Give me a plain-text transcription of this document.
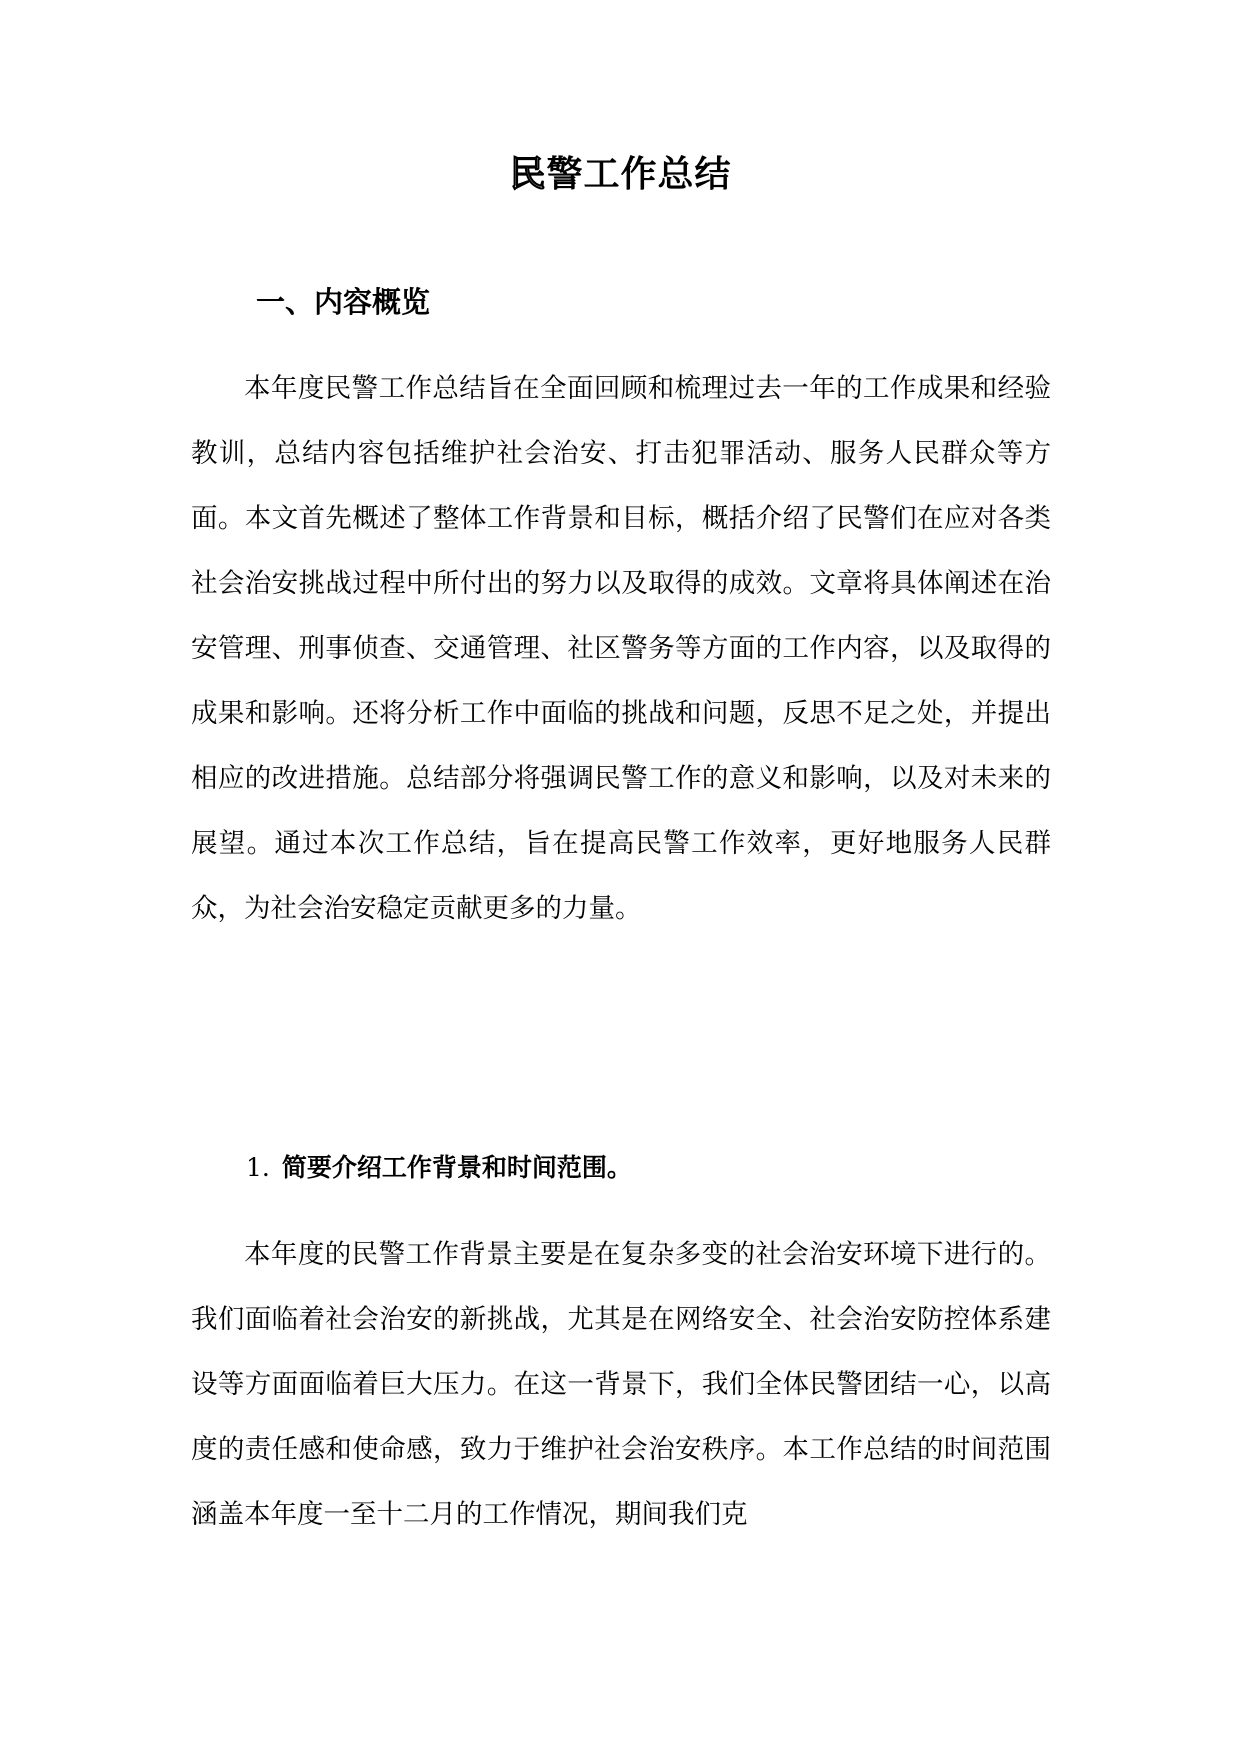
民警工作总结
一、内容概览

本年度民警工作总结旨在全面回顾和梳理过去一年的工作成果和经验教训，总结内容包括维护社会治安、打击犯罪活动、服务人民群众等方面。本文首先概述了整体工作背景和目标，概括介绍了民警们在应对各类社会治安挑战过程中所付出的努力以及取得的成效。文章将具体阐述在治安管理、刑事侦查、交通管理、社区警务等方面的工作内容，以及取得的成果和影响。还将分析工作中面临的挑战和问题，反思不足之处，并提出相应的改进措施。总结部分将强调民警工作的意义和影响，以及对未来的展望。通过本次工作总结，旨在提高民警工作效率，更好地服务人民群众，为社会治安稳定贡献更多的力量。

1. 简要介绍工作背景和时间范围。

本年度的民警工作背景主要是在复杂多变的社会治安环境下进行的。我们面临着社会治安的新挑战，尤其是在网络安全、社会治安防控体系建设等方面面临着巨大压力。在这一背景下，我们全体民警团结一心，以高度的责任感和使命感，致力于维护社会治安秩序。本工作总结的时间范围涵盖本年度一至十二月的工作情况，期间我们克
